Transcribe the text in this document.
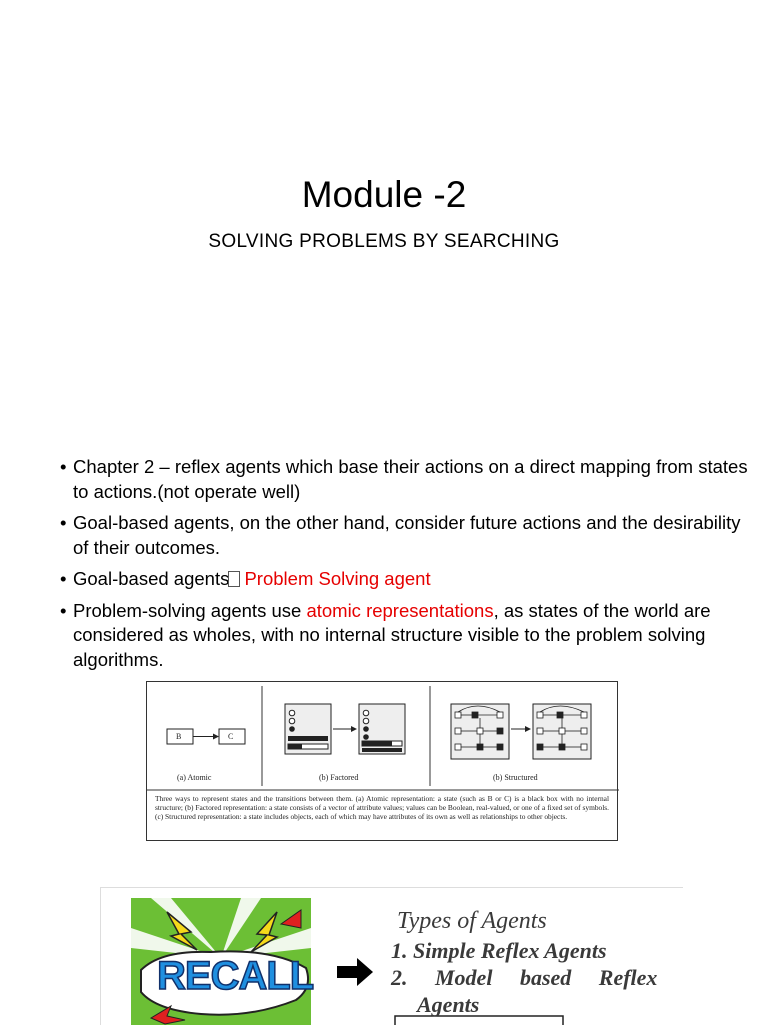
Module -2
SOLVING PROBLEMS BY SEARCHING
• Chapter 2 – reflex agents which base their actions on a direct mapping from states to actions.(not operate well)
• Goal-based agents, on the other hand, consider future actions and the desirability of their outcomes.
• Goal-based agents Problem Solving agent
• Problem-solving agents use atomic representations, as states of the world are considered as wholes, with no internal structure visible to the problem solving algorithms.
(a) Atomic	(b) Factored	(b) Structured
B	C
Three ways to represent states and the transitions between them. (a) Atomic representation: a state (such as B or C) is a black box with no internal structure; (b) Factored representation: a state consists of a vector of attribute values; values can be Boolean, real-valued, or one of a fixed set of symbols. (c) Structured representation: a state includes objects, each of which may have attributes of its own as well as relationships to other objects.
RECALL
Types of Agents
1. Simple Reflex Agents
2. Model based Reflex
Agents
